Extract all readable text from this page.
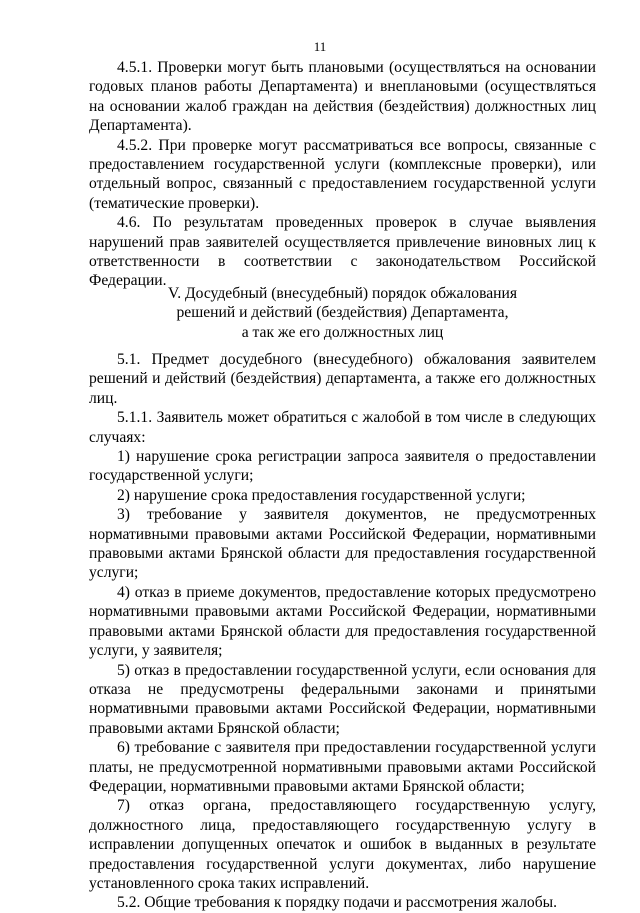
11

4.5.1. Проверки могут быть плановыми (осуществляться на основании годовых планов работы Департамента) и внеплановыми (осуществляться на основании жалоб граждан на действия (бездействия) должностных лиц Департамента).

4.5.2. При проверке могут рассматриваться все вопросы, связанные с предоставлением государственной услуги (комплексные проверки), или отдельный вопрос, связанный с предоставлением государственной услуги (тематические проверки).

4.6. По результатам проведенных проверок в случае выявления нарушений прав заявителей осуществляется привлечение виновных лиц к ответственности в соответствии с законодательством Российской Федерации.

V. Досудебный (внесудебный) порядок обжалования
решений и действий (бездействия) Департамента,
а так же его должностных лиц

5.1. Предмет досудебного (внесудебного) обжалования заявителем решений и действий (бездействия) департамента, а также его должностных лиц.

5.1.1. Заявитель может обратиться с жалобой в том числе в следующих случаях:

1) нарушение срока регистрации запроса заявителя о предоставлении государственной услуги;

2) нарушение срока предоставления государственной услуги;

3) требование у заявителя документов, не предусмотренных нормативными правовыми актами Российской Федерации, нормативными правовыми актами Брянской области для предоставления государственной услуги;

4) отказ в приеме документов, предоставление которых предусмотрено нормативными правовыми актами Российской Федерации, нормативными правовыми актами Брянской области для предоставления государственной услуги, у заявителя;

5) отказ в предоставлении государственной услуги, если основания для отказа не предусмотрены федеральными законами и принятыми нормативными правовыми актами Российской Федерации, нормативными правовыми актами Брянской области;

6) требование с заявителя при предоставлении государственной услуги платы, не предусмотренной нормативными правовыми актами Российской Федерации, нормативными правовыми актами Брянской области;

7) отказ органа, предоставляющего государственную услугу, должностного лица, предоставляющего государственную услугу в исправлении допущенных опечаток и ошибок в выданных в результате предоставления государственной услуги документах, либо нарушение установленного срока таких исправлений.

5.2. Общие требования к порядку подачи и рассмотрения жалобы.
